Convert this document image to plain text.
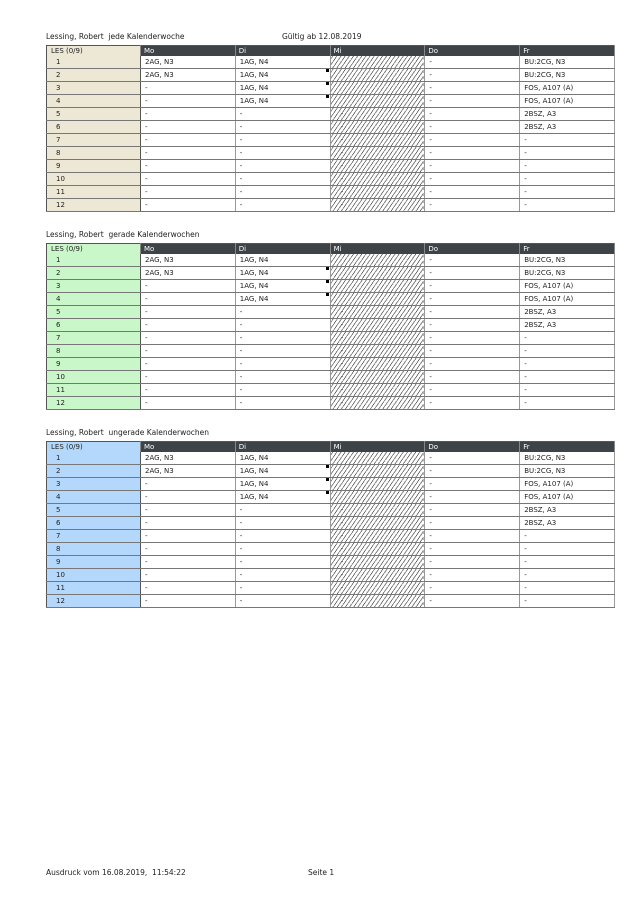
Lessing, Robert  jede Kalenderwoche	Gültig ab 12.08.2019
LES (0/9)	Mo	Di	Mi	Do	Fr
1	2AG, N3	1AG, N4		-	BU:2CG, N3
2	2AG, N3	1AG, N4		-	BU:2CG, N3
3	-	1AG, N4		-	FOS, A107 (A)
4	-	1AG, N4		-	FOS, A107 (A)
5	-	-	-	-	2BSZ, A3
6	-	-	-	-	2BSZ, A3
7	-	-	-	-	-
8	-	-	-	-	-
9	-	-	-	-	-
10	-	-	-	-	-
11	-	-	-	-	-
12	-	-	-	-	-
Lessing, Robert  gerade Kalenderwochen
LES (0/9)	Mo	Di	Mi	Do	Fr
1	2AG, N3	1AG, N4		-	BU:2CG, N3
2	2AG, N3	1AG, N4		-	BU:2CG, N3
3	-	1AG, N4		-	FOS, A107 (A)
4	-	1AG, N4		-	FOS, A107 (A)
5	-	-	-	-	2BSZ, A3
6	-	-	-	-	2BSZ, A3
7	-	-	-	-	-
8	-	-	-	-	-
9	-	-	-	-	-
10	-	-	-	-	-
11	-	-	-	-	-
12	-	-	-	-	-
Lessing, Robert  ungerade Kalenderwochen
LES (0/9)	Mo	Di	Mi	Do	Fr
1	2AG, N3	1AG, N4		-	BU:2CG, N3
2	2AG, N3	1AG, N4		-	BU:2CG, N3
3	-	1AG, N4		-	FOS, A107 (A)
4	-	1AG, N4		-	FOS, A107 (A)
5	-	-	-	-	2BSZ, A3
6	-	-	-	-	2BSZ, A3
7	-	-	-	-	-
8	-	-	-	-	-
9	-	-	-	-	-
10	-	-	-	-	-
11	-	-	-	-	-
12	-	-	-	-	-
Ausdruck vom 16.08.2019,  11:54:22	Seite 1
